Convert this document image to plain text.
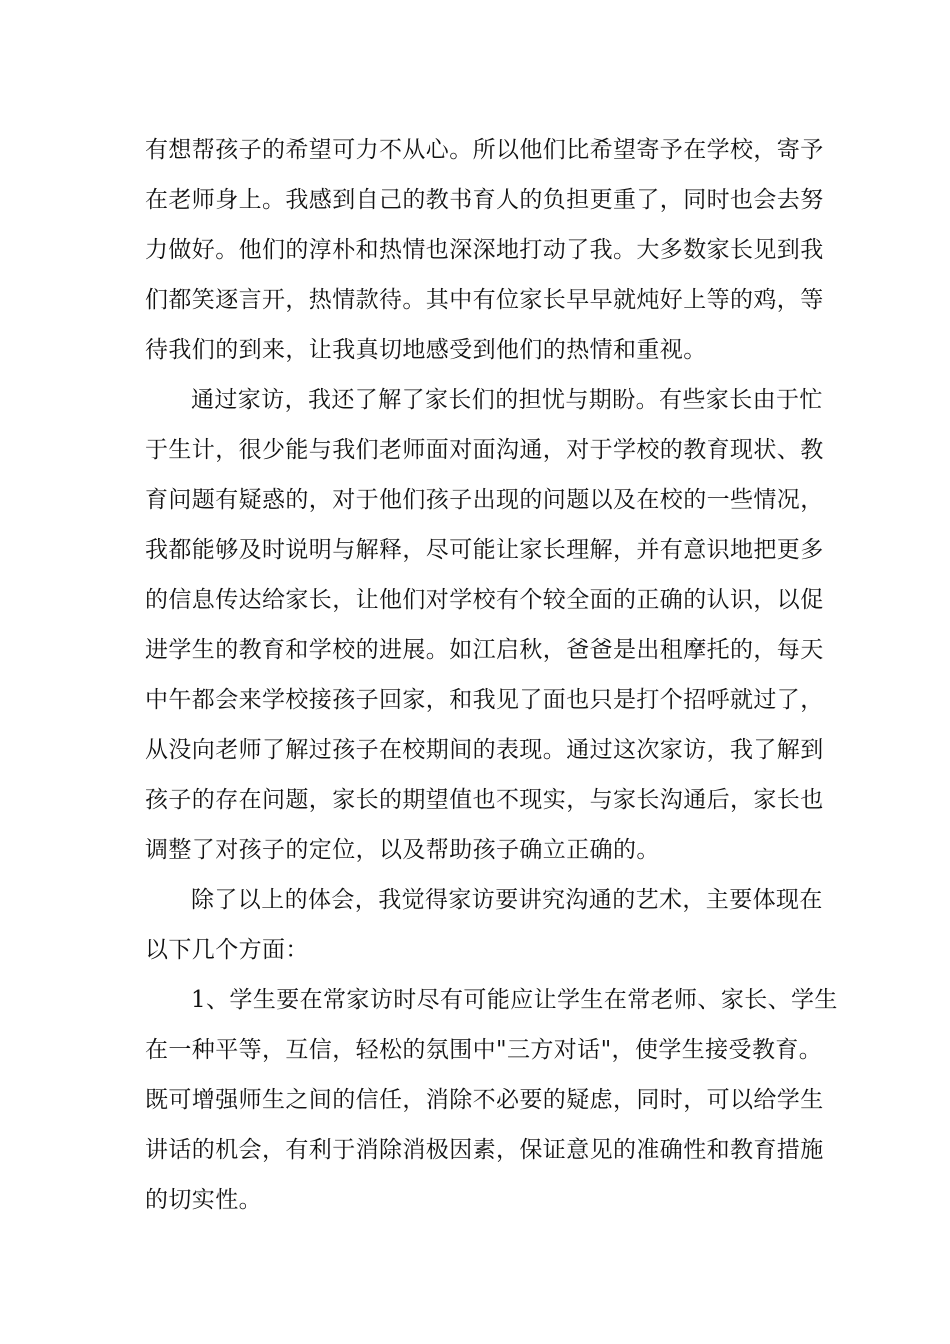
有想帮孩子的希望可力不从心。所以他们比希望寄予在学校，寄予
在老师身上。我感到自己的教书育人的负担更重了，同时也会去努
力做好。他们的淳朴和热情也深深地打动了我。大多数家长见到我
们都笑逐言开，热情款待。其中有位家长早早就炖好上等的鸡，等
待我们的到来，让我真切地感受到他们的热情和重视。
通过家访，我还了解了家长们的担忧与期盼。有些家长由于忙
于生计，很少能与我们老师面对面沟通，对于学校的教育现状、教
育问题有疑惑的，对于他们孩子出现的问题以及在校的一些情况，
我都能够及时说明与解释，尽可能让家长理解，并有意识地把更多
的信息传达给家长，让他们对学校有个较全面的正确的认识，以促
进学生的教育和学校的进展。如江启秋，爸爸是出租摩托的，每天
中午都会来学校接孩子回家，和我见了面也只是打个招呼就过了，
从没向老师了解过孩子在校期间的表现。通过这次家访，我了解到
孩子的存在问题，家长的期望值也不现实，与家长沟通后，家长也
调整了对孩子的定位，以及帮助孩子确立正确的。
除了以上的体会，我觉得家访要讲究沟通的艺术，主要体现在
以下几个方面：
1、学生要在常家访时尽有可能应让学生在常老师、家长、学生
在一种平等，互信，轻松的氛围中"三方对话"，使学生接受教育。
既可增强师生之间的信任，消除不必要的疑虑，同时，可以给学生
讲话的机会，有利于消除消极因素，保证意见的准确性和教育措施
的切实性。
